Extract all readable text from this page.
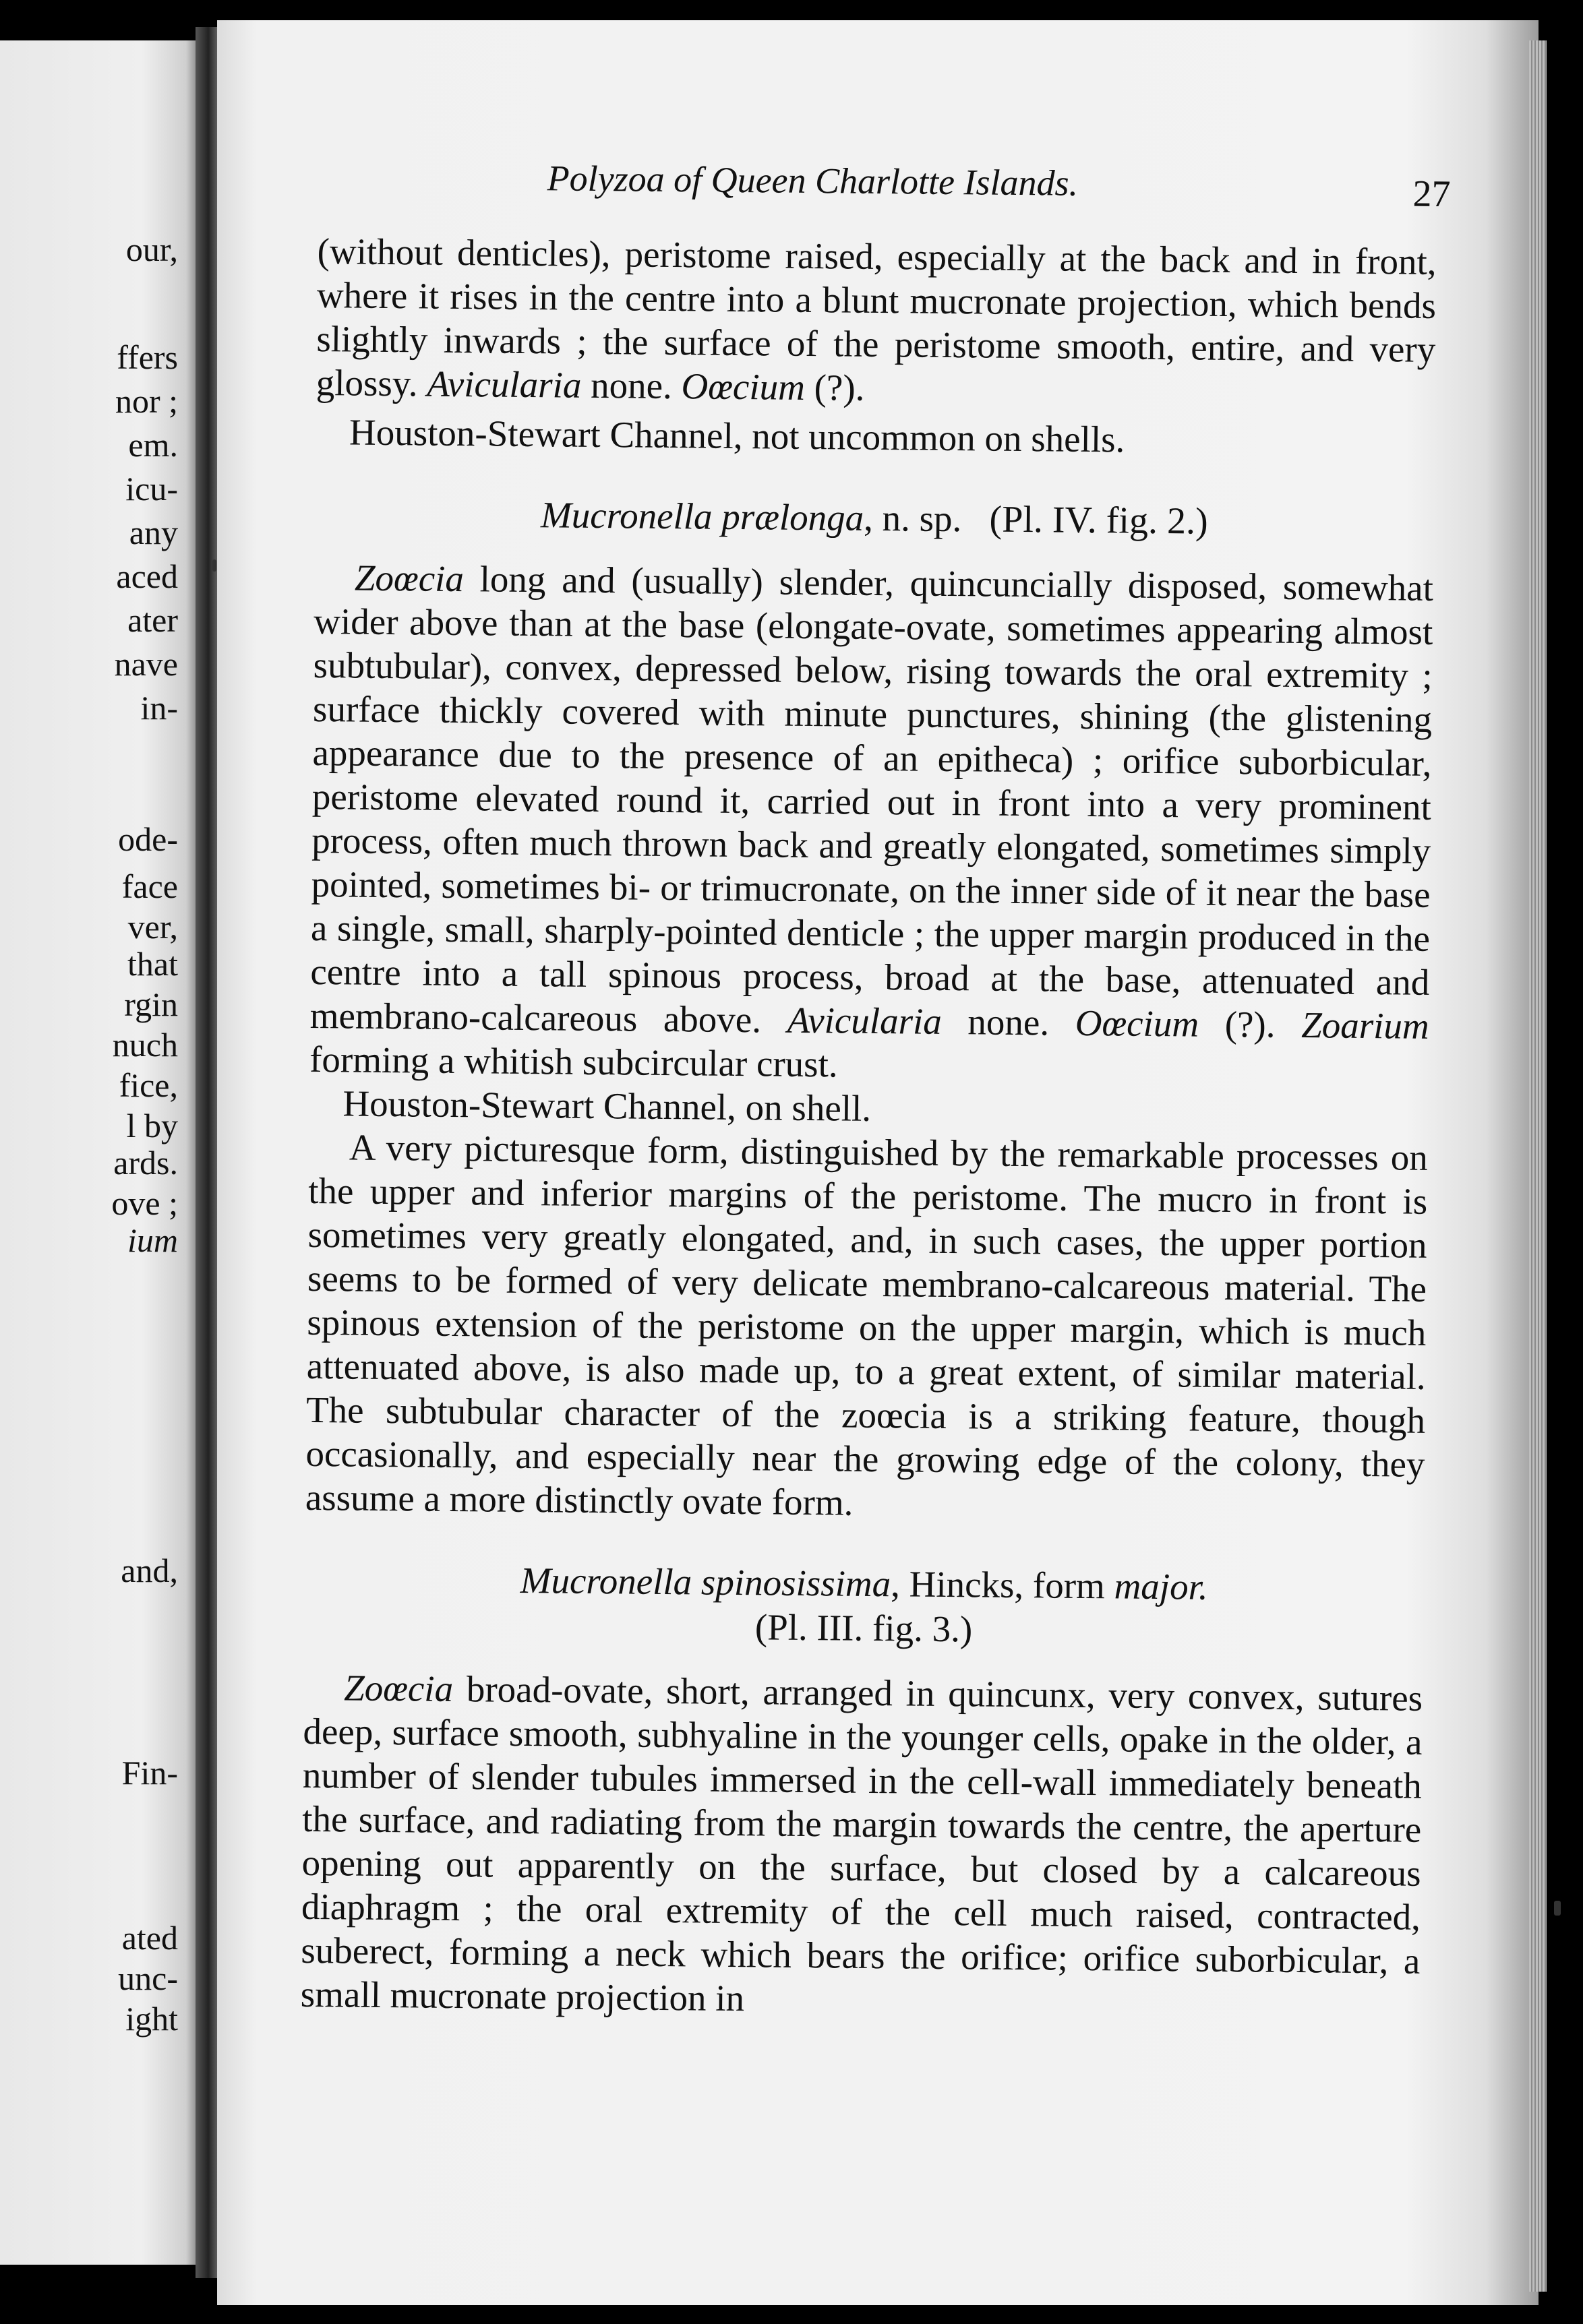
our,
ffers
nor ;
em.
icu-
any
aced
ater
nave
in-
ode-
face
ver,
that
rgin
nuch
fice,
l by
ards.
ove ;
ium
and,
Fin-
ated
unc-
ight
Polyzoa of Queen Charlotte Islands.	27

(without denticles), peristome raised, especially at the back and in front, where it rises in the centre into a blunt mucronate projection, which bends slightly inwards ; the surface of the peristome smooth, entire, and very glossy. Avicularia none. Oœcium (?).

Houston-Stewart Channel, not uncommon on shells.

Mucronella prælonga, n. sp. (Pl. IV. fig. 2.)

Zoœcia long and (usually) slender, quincuncially disposed, somewhat wider above than at the base (elongate-ovate, sometimes appearing almost subtubular), convex, depressed below, rising towards the oral extremity ; surface thickly covered with minute punctures, shining (the glistening appearance due to the presence of an epitheca) ; orifice suborbicular, peristome elevated round it, carried out in front into a very prominent process, often much thrown back and greatly elongated, sometimes simply pointed, sometimes bi- or trimucronate, on the inner side of it near the base a single, small, sharply-pointed denticle ; the upper margin produced in the centre into a tall spinous process, broad at the base, attenuated and membrano-calcareous above. Avicularia none. Oœcium (?). Zoarium forming a whitish subcircular crust.

Houston-Stewart Channel, on shell.

A very picturesque form, distinguished by the remarkable processes on the upper and inferior margins of the peristome. The mucro in front is sometimes very greatly elongated, and, in such cases, the upper portion seems to be formed of very delicate membrano-calcareous material. The spinous extension of the peristome on the upper margin, which is much attenuated above, is also made up, to a great extent, of similar material. The subtubular character of the zoœcia is a striking feature, though occasionally, and especially near the growing edge of the colony, they assume a more distinctly ovate form.

Mucronella spinosissima, Hincks, form major.
(Pl. III. fig. 3.)

Zoœcia broad-ovate, short, arranged in quincunx, very convex, sutures deep, surface smooth, subhyaline in the younger cells, opake in the older, a number of slender tubules immersed in the cell-wall immediately beneath the surface, and radiating from the margin towards the centre, the aperture opening out apparently on the surface, but closed by a calcareous diaphragm ; the oral extremity of the cell much raised, contracted, suberect, forming a neck which bears the orifice; orifice suborbicular, a small mucronate projection in
